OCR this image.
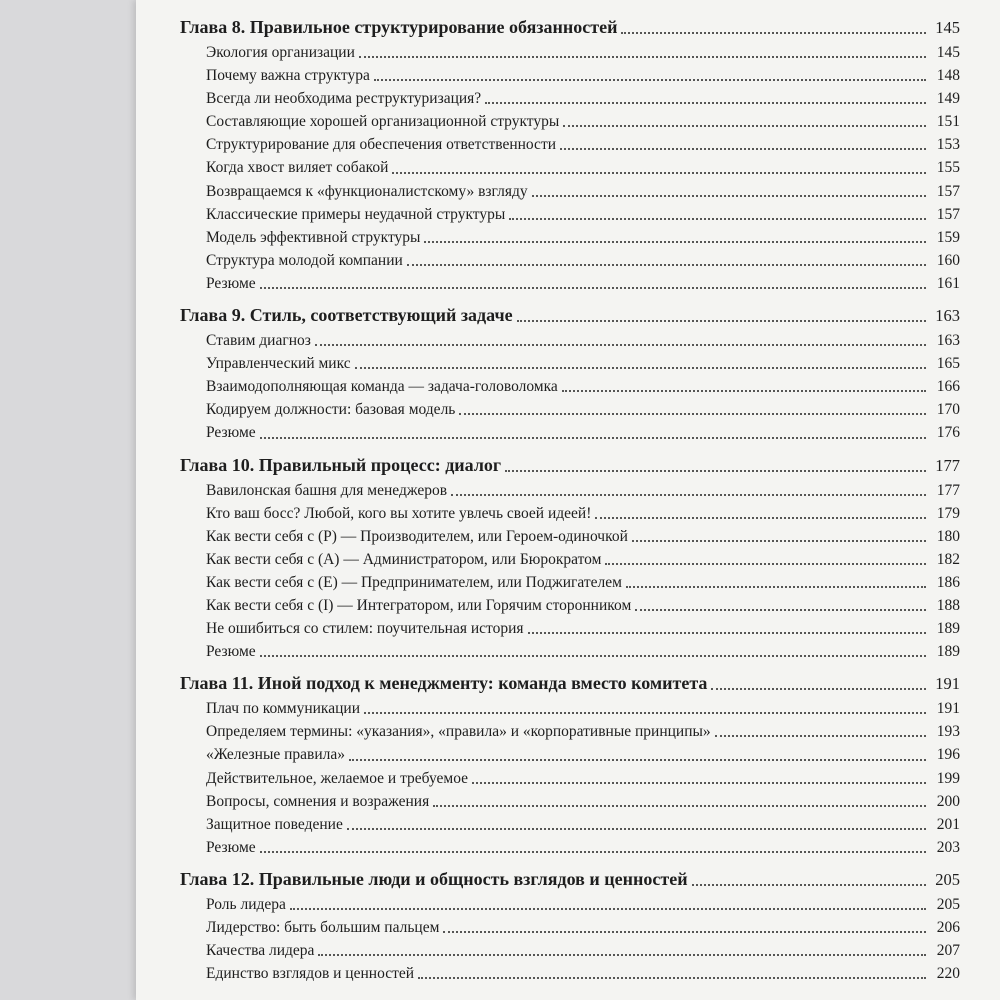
Глава 8. Правильное структурирование обязанностей	145
Экология организации	145
Почему важна структура	148
Всегда ли необходима реструктуризация?	149
Составляющие хорошей организационной структуры	151
Структурирование для обеспечения ответственности	153
Когда хвост виляет собакой	155
Возвращаемся к «функционалистскому» взгляду	157
Классические примеры неудачной структуры	157
Модель эффективной структуры	159
Структура молодой компании	160
Резюме	161
Глава 9. Стиль, соответствующий задаче	163
Ставим диагноз	163
Управленческий микс	165
Взаимодополняющая команда — задача-головоломка	166
Кодируем должности: базовая модель	170
Резюме	176
Глава 10. Правильный процесс: диалог	177
Вавилонская башня для менеджеров	177
Кто ваш босс? Любой, кого вы хотите увлечь своей идеей!	179
Как вести себя с (P) — Производителем, или Героем-одиночкой	180
Как вести себя с (A) — Администратором, или Бюрократом	182
Как вести себя с (E) — Предпринимателем, или Поджигателем	186
Как вести себя с (I) — Интегратором, или Горячим сторонником	188
Не ошибиться со стилем: поучительная история	189
Резюме	189
Глава 11. Иной подход к менеджменту: команда вместо комитета	191
Плач по коммуникации	191
Определяем термины: «указания», «правила» и «корпоративные принципы»	193
«Железные правила»	196
Действительное, желаемое и требуемое	199
Вопросы, сомнения и возражения	200
Защитное поведение	201
Резюме	203
Глава 12. Правильные люди и общность взглядов и ценностей	205
Роль лидера	205
Лидерство: быть большим пальцем	206
Качества лидера	207
Единство взглядов и ценностей	220
